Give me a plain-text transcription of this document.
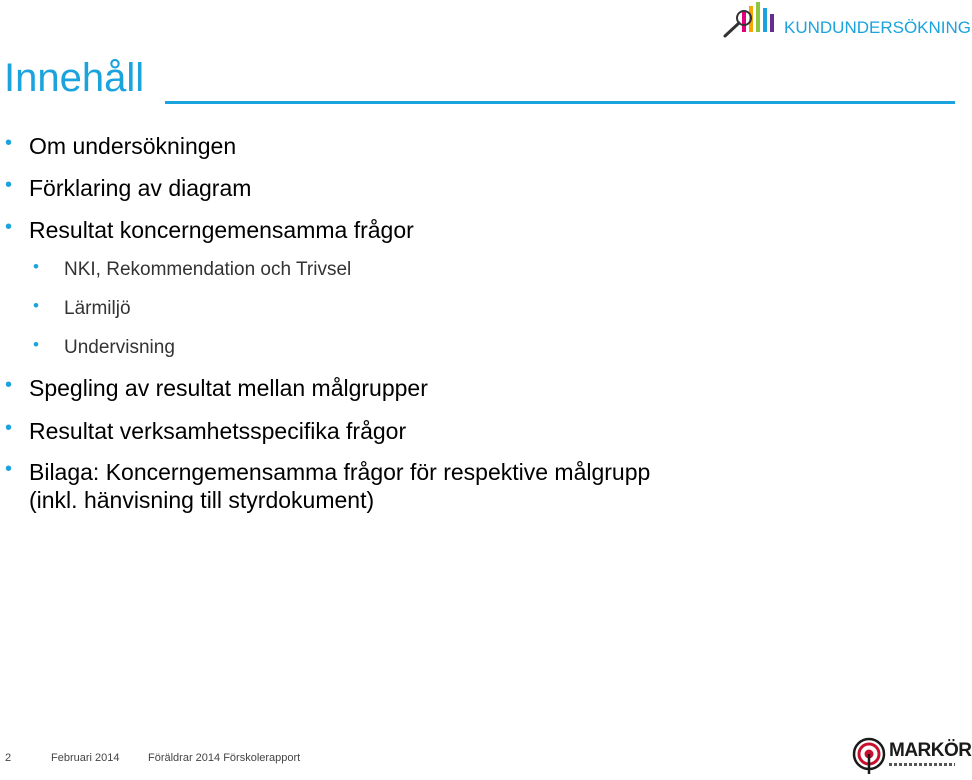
KUNDUNDERSÖKNING
Innehåll
• Om undersökningen
• Förklaring av diagram
• Resultat koncerngemensamma frågor
• NKI, Rekommendation och Trivsel
• Lärmiljö
• Undervisning
• Spegling av resultat mellan målgrupper
• Resultat verksamhetsspecifika frågor
• Bilaga: Koncerngemensamma frågor för respektive målgrupp
(inkl. hänvisning till styrdokument)
2	Februari 2014	Föräldrar 2014 Förskolerapport	MARKÖR
